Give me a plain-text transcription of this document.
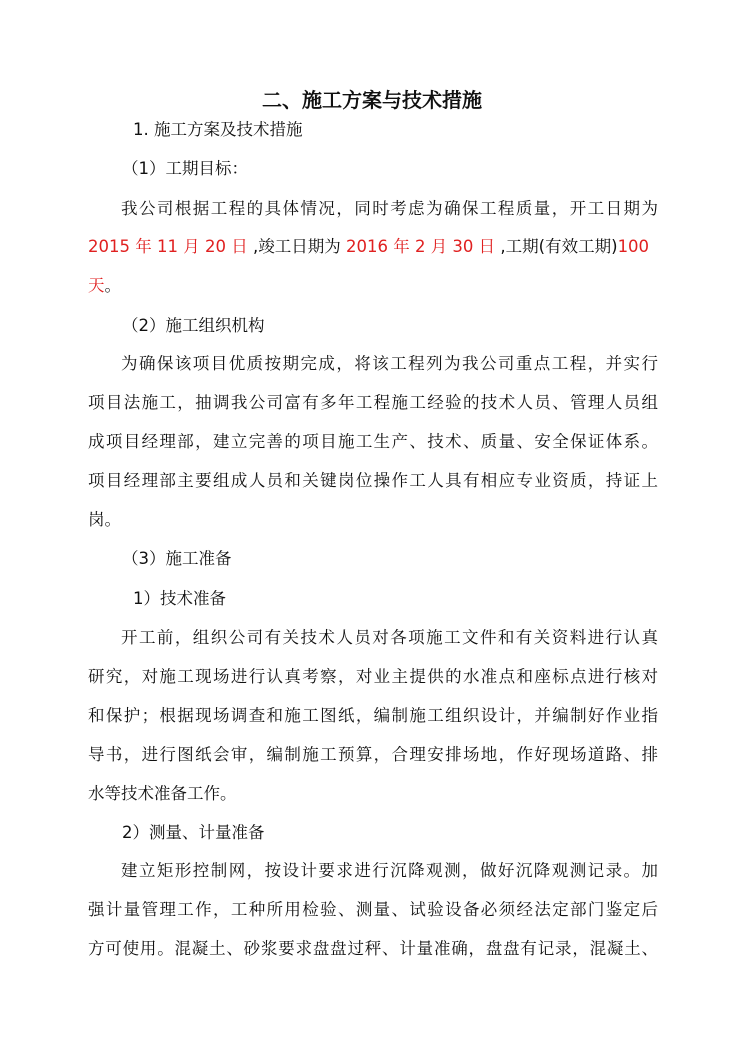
二、施工方案与技术措施
1. 施工方案及技术措施
（1）工期目标：
我公司根据工程的具体情况，同时考虑为确保工程质量，开工日期为
2015 年 11 月 20 日 ,竣工日期为 2016 年 2 月 30 日 ,工期(有效工期)100
天。
（2）施工组织机构
为确保该项目优质按期完成，将该工程列为我公司重点工程，并实行
项目法施工，抽调我公司富有多年工程施工经验的技术人员、管理人员组
成项目经理部，建立完善的项目施工生产、技术、质量、安全保证体系。
项目经理部主要组成人员和关键岗位操作工人具有相应专业资质，持证上
岗。
（3）施工准备
1）技术准备
开工前，组织公司有关技术人员对各项施工文件和有关资料进行认真
研究，对施工现场进行认真考察，对业主提供的水准点和座标点进行核对
和保护；根据现场调查和施工图纸，编制施工组织设计，并编制好作业指
导书，进行图纸会审，编制施工预算，合理安排场地，作好现场道路、排
水等技术准备工作。
2）测量、计量准备
建立矩形控制网，按设计要求进行沉降观测，做好沉降观测记录。加
强计量管理工作，工种所用检验、测量、试验设备必须经法定部门鉴定后
方可使用。混凝土、砂浆要求盘盘过秤、计量准确，盘盘有记录，混凝土、
